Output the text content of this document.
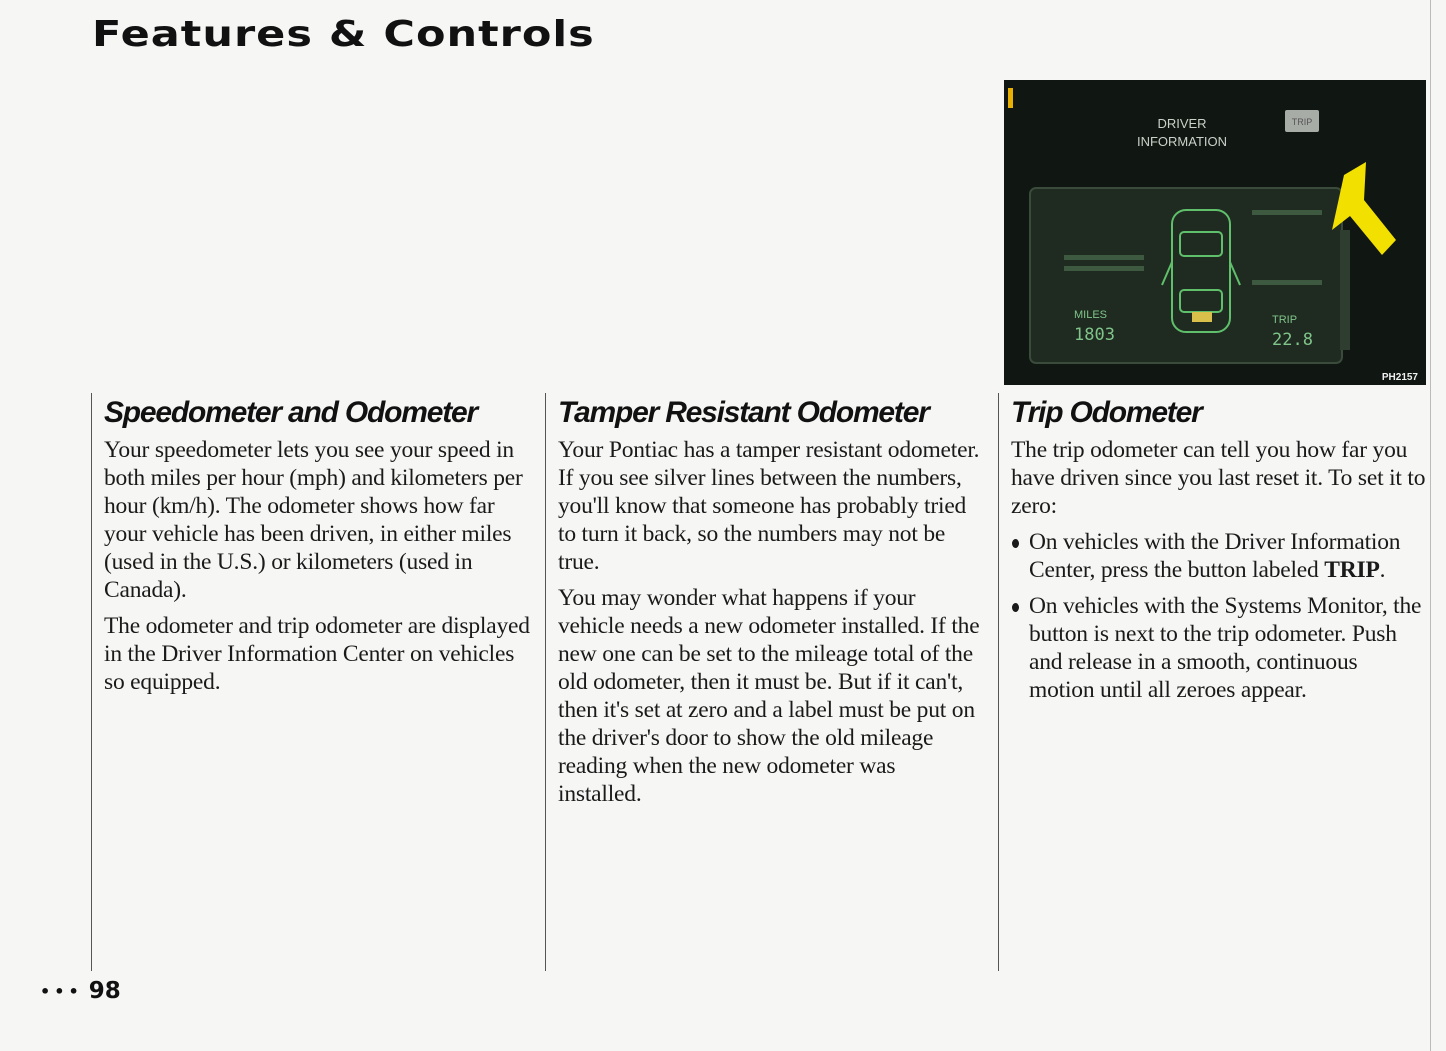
Features & Controls
Speedometer and Odometer

Your speedometer lets you see your speed in both miles per hour (mph) and kilometers per hour (km/h). The odometer shows how far your vehicle has been driven, in either miles (used in the U.S.) or kilometers (used in Canada).

The odometer and trip odometer are displayed in the Driver Information Center on vehicles so equipped.

Tamper Resistant Odometer

Your Pontiac has a tamper resistant odometer. If you see silver lines between the numbers, you'll know that someone has probably tried to turn it back, so the numbers may not be true.

You may wonder what happens if your vehicle needs a new odometer installed. If the new one can be set to the mileage total of the old odometer, then it must be. But if it can't, then it's set at zero and a label must be put on the driver's door to show the old mileage reading when the new odometer was installed.

Trip Odometer

The trip odometer can tell you how far you have driven since you last reset it. To set it to zero:

On vehicles with the Driver Information Center, press the button labeled TRIP.
On vehicles with the Systems Monitor, the button is next to the trip odometer. Push and release in a smooth, continuous motion until all zeroes appear.
DRIVER
INFORMATION
TRIP
MILES
1803
TRIP
22.8
PH2157
••• 98
